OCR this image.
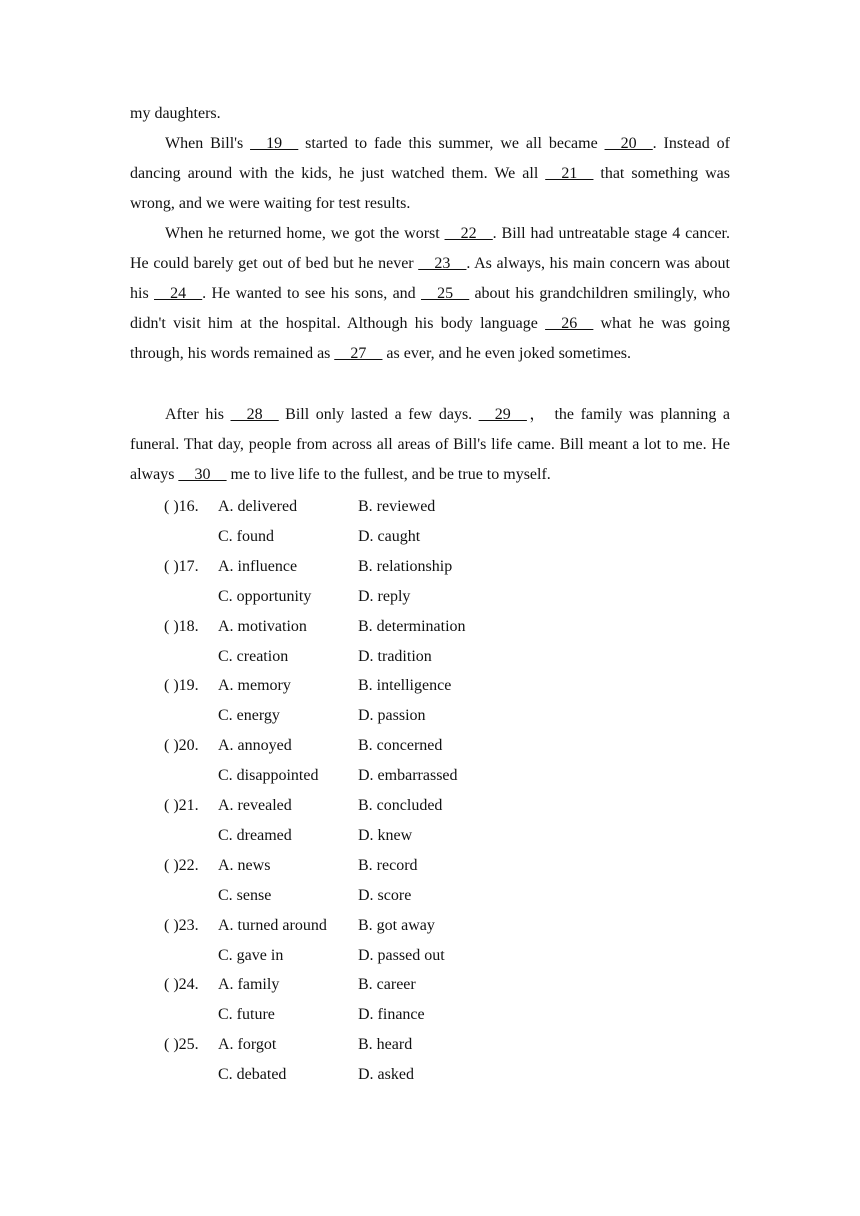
my daughters.

When Bill's __19__ started to fade this summer, we all became __20__. Instead of dancing around with the kids, he just watched them. We all __21__ that something was wrong, and we were waiting for test results.

When he returned home, we got the worst __22__. Bill had untreatable stage 4 cancer. He could barely get out of bed but he never __23__. As always, his main concern was about his __24__. He wanted to see his sons, and __25__ about his grandchildren smilingly, who didn't visit him at the hospital. Although his body language __26__ what he was going through, his words remained as __27__ as ever, and he even joked sometimes.

After his __28__ Bill only lasted a few days. __29__， the family was planning a funeral. That day, people from across all areas of Bill's life came. Bill meant a lot to me. He always __30__ me to live life to the fullest, and be true to myself.

( )16. A. delivered	B. reviewed
C. found	D. caught
( )17. A. influence	B. relationship
C. opportunity	D. reply
( )18. A. motivation	B. determination
C. creation	D. tradition
( )19. A. memory	B. intelligence
C. energy	D. passion
( )20. A. annoyed	B. concerned
C. disappointed D. embarrassed
( )21. A. revealed	B. concluded
C. dreamed	D. knew
( )22. A. news	B. record
C. sense	D. score
( )23. A. turned around B. got away
C. gave in	D. passed out
( )24. A. family	B. career
C. future	D. finance
( )25. A. forgot	B. heard
C. debated	D. asked
